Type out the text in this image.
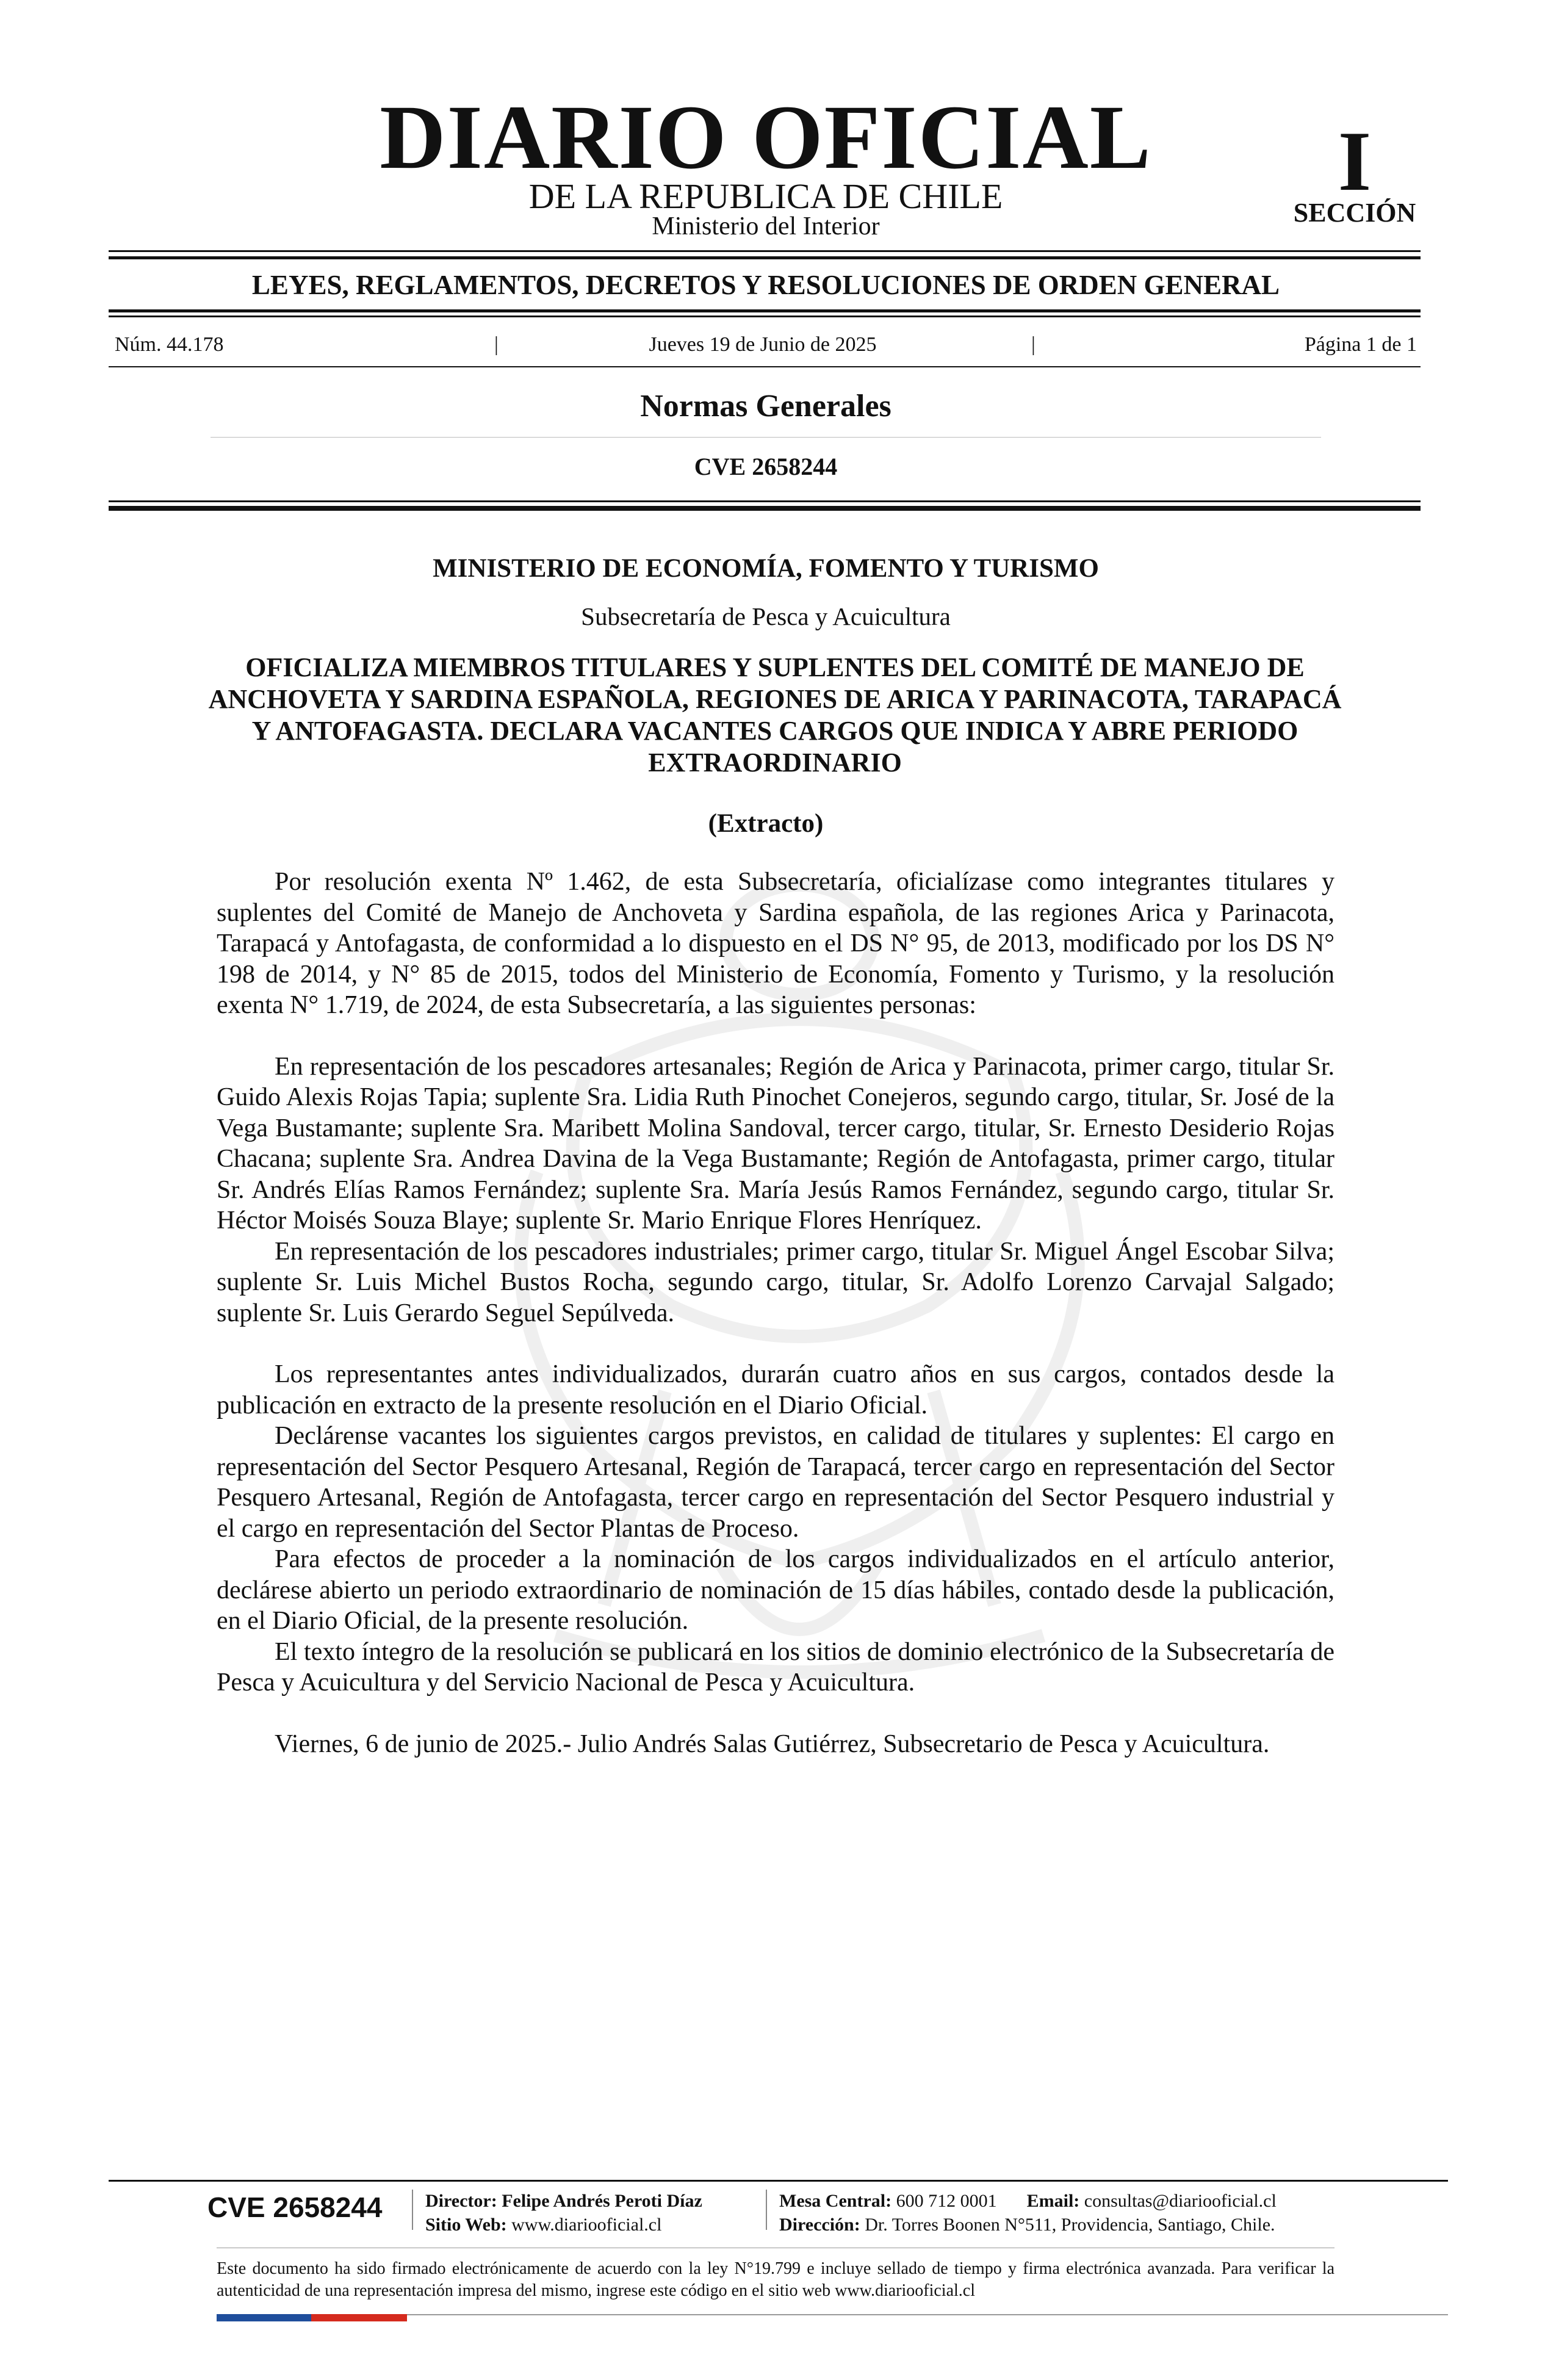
DIARIO OFICIAL
DE LA REPUBLICA DE CHILE
Ministerio del Interior
I
SECCIÓN
LEYES, REGLAMENTOS, DECRETOS Y RESOLUCIONES DE ORDEN GENERAL
Núm. 44.178	|	Jueves 19 de Junio de 2025	|	Página 1 de 1
Normas Generales
CVE 2658244
MINISTERIO DE ECONOMÍA, FOMENTO Y TURISMO
Subsecretaría de Pesca y Acuicultura
OFICIALIZA MIEMBROS TITULARES Y SUPLENTES DEL COMITÉ DE MANEJO DE ANCHOVETA Y SARDINA ESPAÑOLA, REGIONES DE ARICA Y PARINACOTA, TARAPACÁ Y ANTOFAGASTA. DECLARA VACANTES CARGOS QUE INDICA Y ABRE PERIODO EXTRAORDINARIO
(Extracto)

Por resolución exenta Nº 1.462, de esta Subsecretaría, oficialízase como integrantes titulares y suplentes del Comité de Manejo de Anchoveta y Sardina española, de las regiones Arica y Parinacota, Tarapacá y Antofagasta, de conformidad a lo dispuesto en el DS N° 95, de 2013, modificado por los DS N° 198 de 2014, y N° 85 de 2015, todos del Ministerio de Economía, Fomento y Turismo, y la resolución exenta N° 1.719, de 2024, de esta Subsecretaría, a las siguientes personas:

En representación de los pescadores artesanales; Región de Arica y Parinacota, primer cargo, titular Sr. Guido Alexis Rojas Tapia; suplente Sra. Lidia Ruth Pinochet Conejeros, segundo cargo, titular, Sr. José de la Vega Bustamante; suplente Sra. Maribett Molina Sandoval, tercer cargo, titular, Sr. Ernesto Desiderio Rojas Chacana; suplente Sra. Andrea Davina de la Vega Bustamante; Región de Antofagasta, primer cargo, titular Sr. Andrés Elías Ramos Fernández; suplente Sra. María Jesús Ramos Fernández, segundo cargo, titular Sr. Héctor Moisés Souza Blaye; suplente Sr. Mario Enrique Flores Henríquez.

En representación de los pescadores industriales; primer cargo, titular Sr. Miguel Ángel Escobar Silva; suplente Sr. Luis Michel Bustos Rocha, segundo cargo, titular, Sr. Adolfo Lorenzo Carvajal Salgado; suplente Sr. Luis Gerardo Seguel Sepúlveda.

Los representantes antes individualizados, durarán cuatro años en sus cargos, contados desde la publicación en extracto de la presente resolución en el Diario Oficial.

Declárense vacantes los siguientes cargos previstos, en calidad de titulares y suplentes: El cargo en representación del Sector Pesquero Artesanal, Región de Tarapacá, tercer cargo en representación del Sector Pesquero Artesanal, Región de Antofagasta, tercer cargo en representación del Sector Pesquero industrial y el cargo en representación del Sector Plantas de Proceso.

Para efectos de proceder a la nominación de los cargos individualizados en el artículo anterior, declárese abierto un periodo extraordinario de nominación de 15 días hábiles, contado desde la publicación, en el Diario Oficial, de la presente resolución.

El texto íntegro de la resolución se publicará en los sitios de dominio electrónico de la Subsecretaría de Pesca y Acuicultura y del Servicio Nacional de Pesca y Acuicultura.

Viernes, 6 de junio de 2025.- Julio Andrés Salas Gutiérrez, Subsecretario de Pesca y Acuicultura.

CVE 2658244 Director: Felipe Andrés Peroti Díaz
Sitio Web: www.diariooficial.cl
Mesa Central: 600 712 0001 Email: consultas@diariooficial.cl
Dirección: Dr. Torres Boonen N°511, Providencia, Santiago, Chile.
Este documento ha sido firmado electrónicamente de acuerdo con la ley N°19.799 e incluye sellado de tiempo y firma electrónica avanzada. Para verificar la autenticidad de una representación impresa del mismo, ingrese este código en el sitio web www.diariooficial.cl
